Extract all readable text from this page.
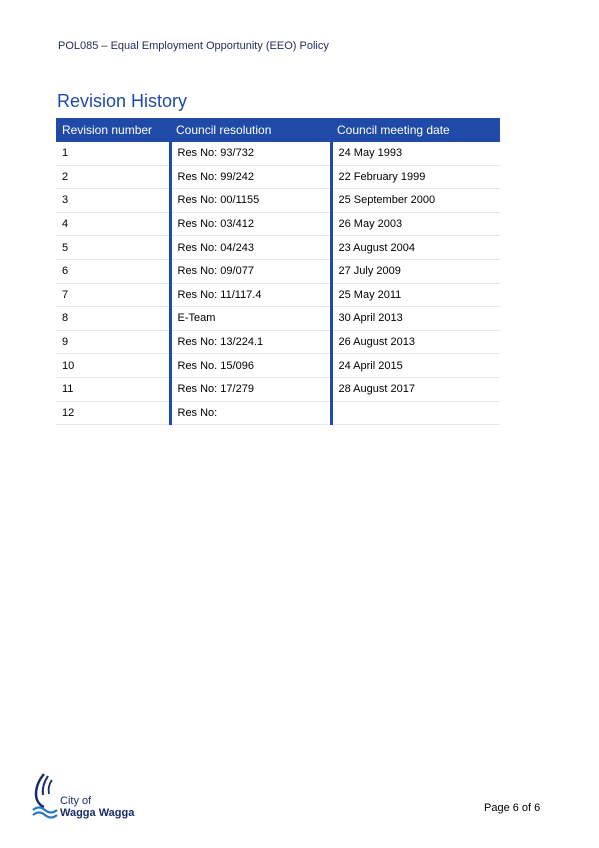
POL085 – Equal Employment Opportunity (EEO) Policy
Revision History
Revision number	Council resolution	Council meeting date
1	Res No: 93/732	24 May 1993
2	Res No: 99/242	22 February 1999
3	Res No: 00/1155	25 September 2000
4	Res No: 03/412	26 May 2003
5	Res No: 04/243	23 August 2004
6	Res No: 09/077	27 July 2009
7	Res No: 11/117.4	25 May 2011
8	E-Team	30 April 2013
9	Res No: 13/224.1	26 August 2013
10	Res No. 15/096	24 April 2015
11	Res No: 17/279	28 August 2017
12	Res No:	
City of
Wagga Wagga	Page 6 of 6
